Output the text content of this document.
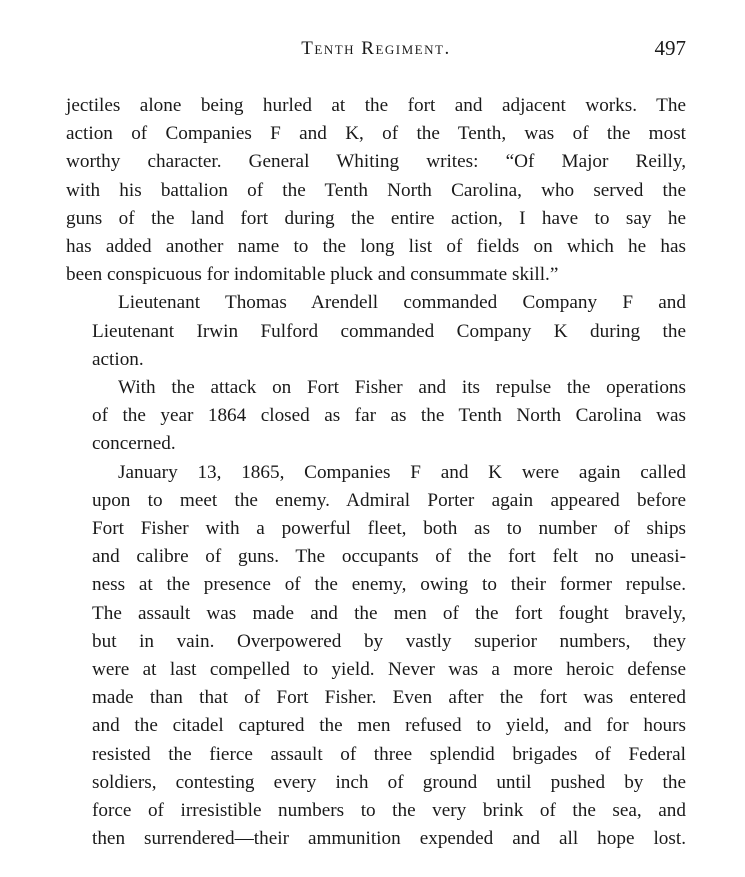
Tenth Regiment.	497
jectiles alone being hurled at the fort and adjacent works. The
action of Companies F and K, of the Tenth, was of the most
worthy character. General Whiting writes: “Of Major Reilly,
with his battalion of the Tenth North Carolina, who served the
guns of the land fort during the entire action, I have to say he
has added another name to the long list of fields on which he has
been conspicuous for indomitable pluck and consummate skill.”
Lieutenant Thomas Arendell commanded Company F and
Lieutenant Irwin Fulford commanded Company K during the
action.
With the attack on Fort Fisher and its repulse the operations
of the year 1864 closed as far as the Tenth North Carolina was
concerned.
January 13, 1865, Companies F and K were again called
upon to meet the enemy. Admiral Porter again appeared before
Fort Fisher with a powerful fleet, both as to number of ships
and calibre of guns. The occupants of the fort felt no uneasi-
ness at the presence of the enemy, owing to their former repulse.
The assault was made and the men of the fort fought bravely,
but in vain. Overpowered by vastly superior numbers, they
were at last compelled to yield. Never was a more heroic defense
made than that of Fort Fisher. Even after the fort was entered
and the citadel captured the men refused to yield, and for hours
resisted the fierce assault of three splendid brigades of Federal
soldiers, contesting every inch of ground until pushed by the
force of irresistible numbers to the very brink of the sea, and
then surrendered—their ammunition expended and all hope lost.
